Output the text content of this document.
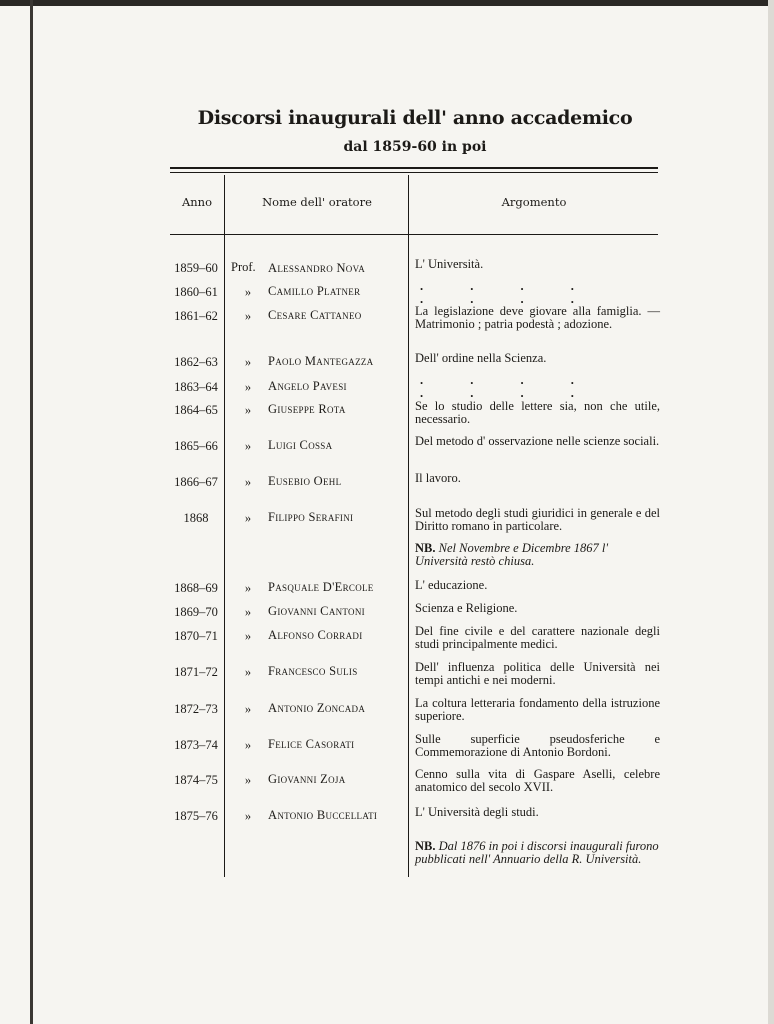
Discorsi inaugurali dell' anno accademico
dal 1859-60 in poi
Anno	Nome dell' oratore	Argomento
1859–60	Prof. Alessandro Nova	L' Università.
1860–61	»	Camillo Platner	. . . . . . . .
1861–62	»	Cesare Cattaneo	La legislazione deve giovare alla famiglia. — Matrimonio ; patria podestà ; adozione.
1862–63	»	Paolo Mantegazza	Dell' ordine nella Scienza.
1863–64	»	Angelo Pavesi	. . . . . . . .
1864–65	»	Giuseppe Rota	Se lo studio delle lettere sia, non che utile, necessario.
1865–66	»	Luigi Cossa	Del metodo d' osservazione nelle scienze sociali.
1866–67	»	Eusebio Oehl	Il lavoro.
1868	»	Filippo Serafini	Sul metodo degli studi giuridici in generale e del Diritto romano in particolare.
NB. Nel Novembre e Dicembre 1867 l' Università restò chiusa.
1868–69	»	Pasquale D'Ercole	L' educazione.
1869–70	»	Giovanni Cantoni	Scienza e Religione.
1870–71	»	Alfonso Corradi	Del fine civile e del carattere nazionale degli studi principalmente medici.
1871–72	»	Francesco Sulis	Dell' influenza politica delle Università nei tempi antichi e nei moderni.
1872–73	»	Antonio Zoncada	La coltura letteraria fondamento della istruzione superiore.
1873–74	»	Felice Casorati	Sulle superficie pseudosferiche e Commemorazione di Antonio Bordoni.
1874–75	»	Giovanni Zoja	Cenno sulla vita di Gaspare Aselli, celebre anatomico del secolo XVII.
1875–76	»	Antonio Buccellati	L' Università degli studi.
NB. Dal 1876 in poi i discorsi inaugurali furono pubblicati nell' Annuario della R. Università.
